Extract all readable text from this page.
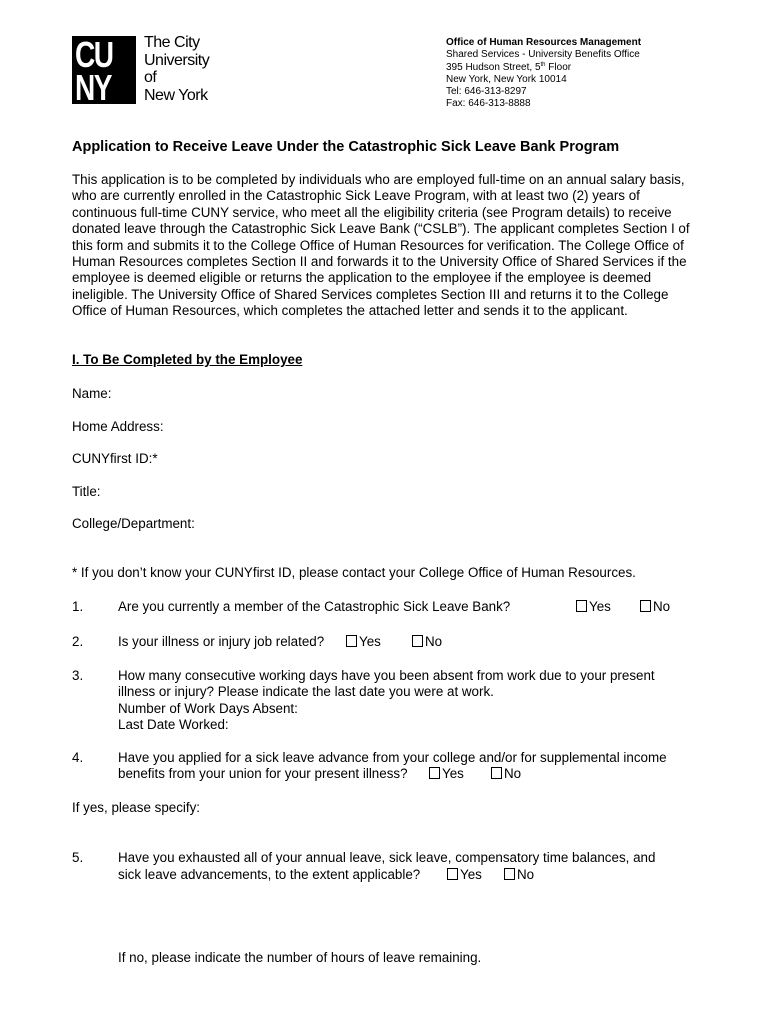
CU
NY
The City
University
of
New York
Office of Human Resources Management
Shared Services - University Benefits Office
395 Hudson Street, 5th Floor
New York, New York 10014
Tel: 646-313-8297
Fax: 646-313-8888
Application to Receive Leave Under the Catastrophic Sick Leave Bank Program
This application is to be completed by individuals who are employed full-time on an annual salary basis, who are currently enrolled in the Catastrophic Sick Leave Program, with at least two (2) years of continuous full-time CUNY service, who meet all the eligibility criteria (see Program details) to receive donated leave through the Catastrophic Sick Leave Bank (“CSLB”). The applicant completes Section I of this form and submits it to the College Office of Human Resources for verification. The College Office of Human Resources completes Section II and forwards it to the University Office of Shared Services if the employee is deemed eligible or returns the application to the employee if the employee is deemed ineligible. The University Office of Shared Services completes Section III and returns it to the College Office of Human Resources, which completes the attached letter and sends it to the applicant.
I. To Be Completed by the Employee
Name:
Home Address:
CUNYfirst ID:*
Title:
College/Department:
* If you don’t know your CUNYfirst ID, please contact your College Office of Human Resources.
1.	Are you currently a member of the Catastrophic Sick Leave Bank?	Yes	No
2.	Is your illness or injury job related?	Yes	No
3.	How many consecutive working days have you been absent from work due to your present
illness or injury? Please indicate the last date you were at work.
Number of Work Days Absent:
Last Date Worked:
4.	Have you applied for a sick leave advance from your college and/or for supplemental income
benefits from your union for your present illness?	Yes	No
If yes, please specify:
5.	Have you exhausted all of your annual leave, sick leave, compensatory time balances, and
sick leave advancements, to the extent applicable?	Yes	No
If no, please indicate the number of hours of leave remaining.
